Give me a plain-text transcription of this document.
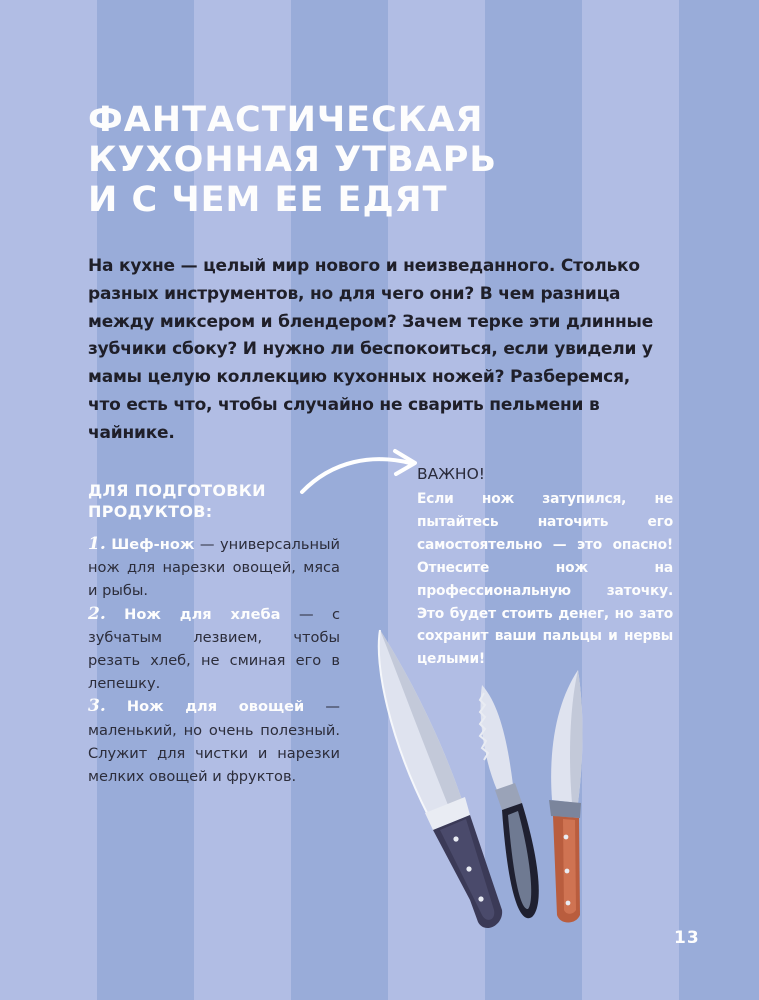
ФАНТАСТИЧЕСКАЯ
КУХОННАЯ УТВАРЬ
И С ЧЕМ ЕЕ ЕДЯТ

На кухне — целый мир нового и неизведанного. Столько разных инструментов, но для чего они? В чем разница между миксером и блендером? Зачем терке эти длинные зубчики сбоку? И нужно ли беспокоиться, если увидели у мамы целую коллекцию кухонных ножей? Разберемся, что есть что, чтобы случайно не сварить пельмени в чайнике.

ДЛЯ ПОДГОТОВКИ ПРОДУКТОВ:
1. Шеф-нож — универсальный нож для нарезки овощей, мяса и рыбы.
2. Нож для хлеба — с зубчатым лезвием, чтобы резать хлеб, не сминая его в лепешку.
3. Нож для овощей — маленький, но очень полезный. Служит для чистки и нарезки мелких овощей и фруктов.

ВАЖНО!

Если нож затупился, не пытайтесь наточить его самостоятельно — это опасно! Отнесите нож на профессиональную заточку. Это будет стоить денег, но зато сохранит ваши пальцы и нервы целыми!

13
